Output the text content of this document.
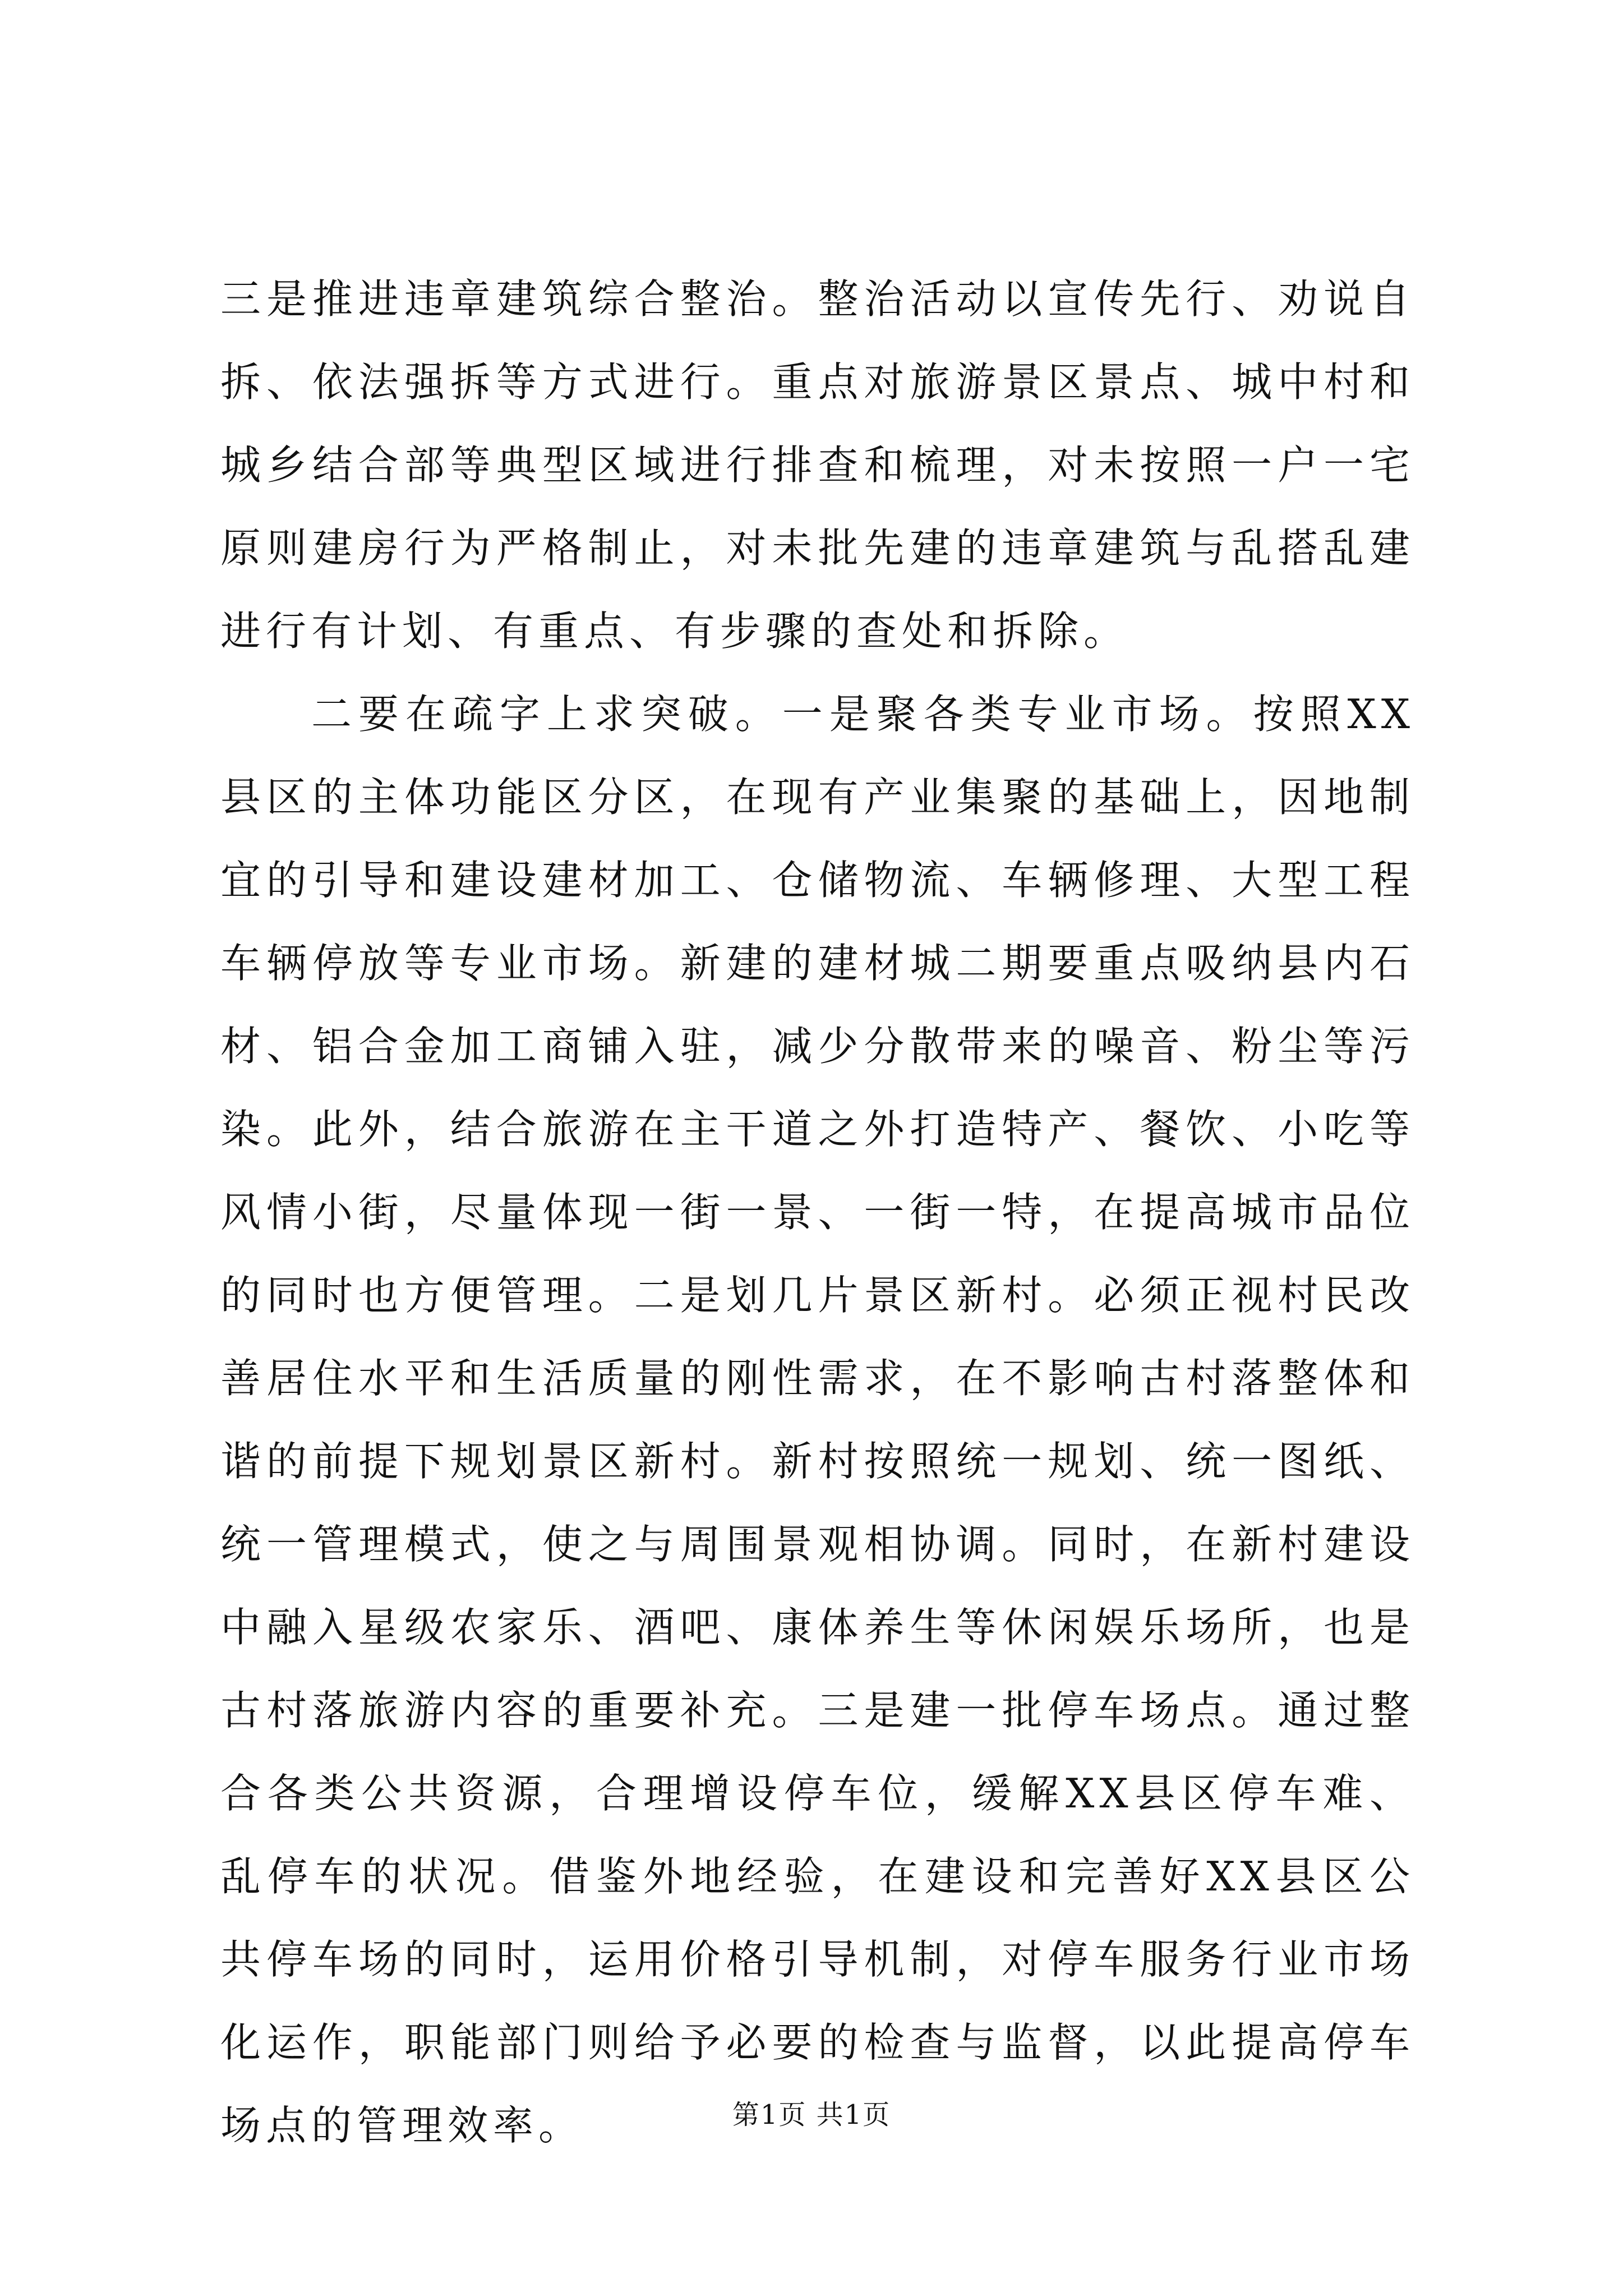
三是推进违章建筑综合整治。整治活动以宣传先行、劝说自拆、依法强拆等方式进行。重点对旅游景区景点、城中村和城乡结合部等典型区域进行排查和梳理，对未按照一户一宅原则建房行为严格制止，对未批先建的违章建筑与乱搭乱建进行有计划、有重点、有步骤的查处和拆除。

二要在疏字上求突破。一是聚各类专业市场。按照XX县区的主体功能区分区，在现有产业集聚的基础上，因地制宜的引导和建设建材加工、仓储物流、车辆修理、大型工程车辆停放等专业市场。新建的建材城二期要重点吸纳县内石材、铝合金加工商铺入驻，减少分散带来的噪音、粉尘等污染。此外，结合旅游在主干道之外打造特产、餐饮、小吃等风情小街，尽量体现一街一景、一街一特，在提高城市品位的同时也方便管理。二是划几片景区新村。必须正视村民改善居住水平和生活质量的刚性需求，在不影响古村落整体和谐的前提下规划景区新村。新村按照统一规划、统一图纸、统一管理模式，使之与周围景观相协调。同时，在新村建设中融入星级农家乐、酒吧、康体养生等休闲娱乐场所，也是古村落旅游内容的重要补充。三是建一批停车场点。通过整合各类公共资源，合理增设停车位，缓解XX县区停车难、乱停车的状况。借鉴外地经验，在建设和完善好XX县区公共停车场的同时，运用价格引导机制，对停车服务行业市场化运作，职能部门则给予必要的检查与监督，以此提高停车场点的管理效率。	第1页 共1页
